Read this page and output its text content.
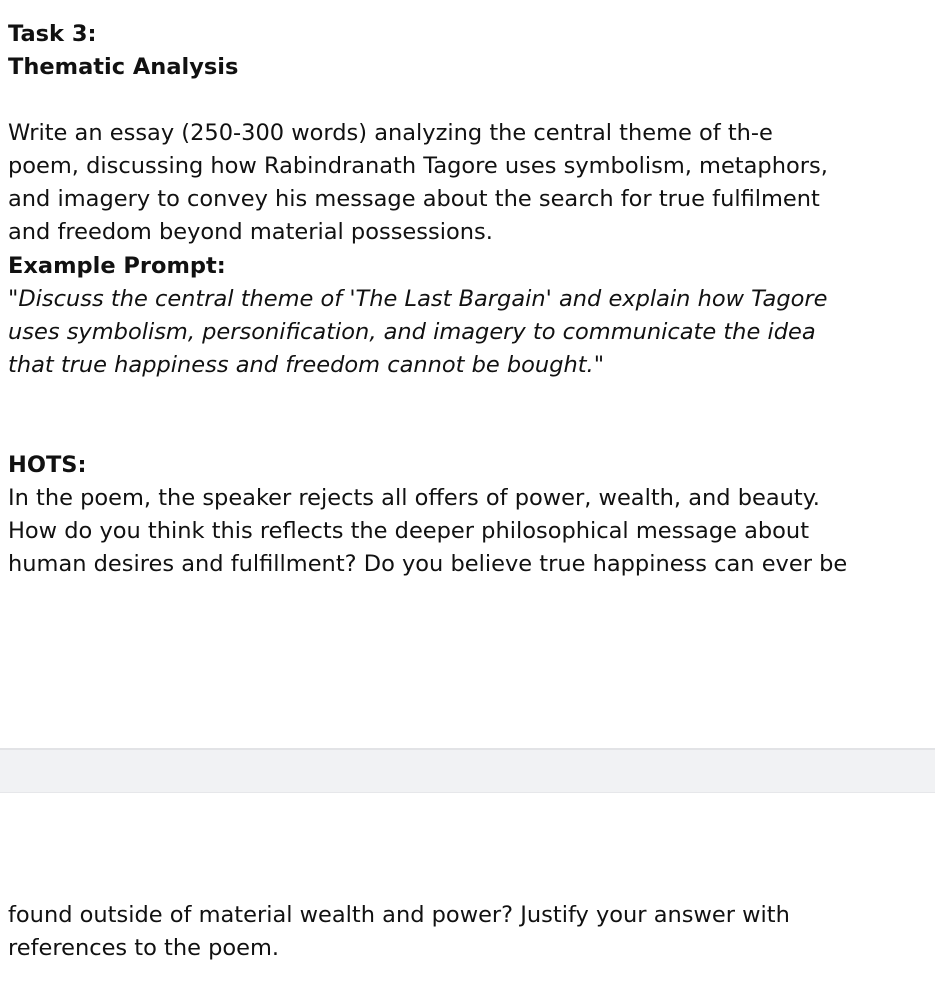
Task 3:
Thematic Analysis

Write an essay (250-300 words) analyzing the central theme of th-e

poem, discussing how Rabindranath Tagore uses symbolism, metaphors,

and imagery to convey his message about the search for true fulfilment

and freedom beyond material possessions.

Example Prompt:

"Discuss the central theme of 'The Last Bargain' and explain how Tagore

uses symbolism, personification, and imagery to communicate the idea

that true happiness and freedom cannot be bought."

HOTS:

In the poem, the speaker rejects all offers of power, wealth, and beauty.

How do you think this reflects the deeper philosophical message about

human desires and fulfillment? Do you believe true happiness can ever be

found outside of material wealth and power? Justify your answer with

references to the poem.
